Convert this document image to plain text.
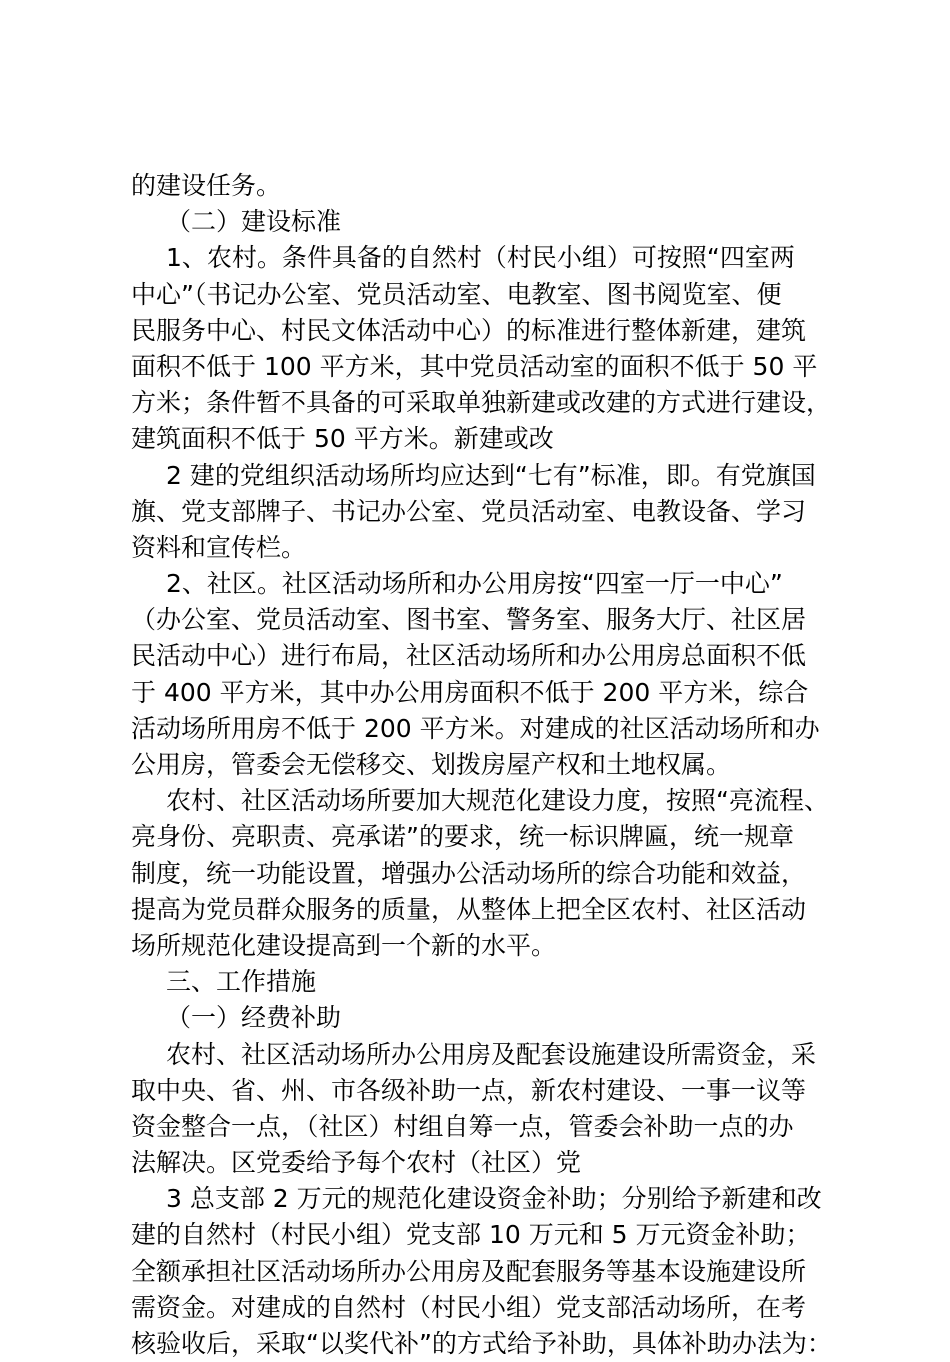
的建设任务。
（二）建设标准
1、农村。条件具备的自然村（村民小组）可按照“四室两
中心”（书记办公室、党员活动室、电教室、图书阅览室、便
民服务中心、村民文体活动中心）的标准进行整体新建，建筑
面积不低于 100 平方米，其中党员活动室的面积不低于 50 平
方米；条件暂不具备的可采取单独新建或改建的方式进行建设，
建筑面积不低于 50 平方米。新建或改
2 建的党组织活动场所均应达到“七有”标准，即。有党旗国
旗、党支部牌子、书记办公室、党员活动室、电教设备、学习
资料和宣传栏。
2、社区。社区活动场所和办公用房按“四室一厅一中心”
（办公室、党员活动室、图书室、警务室、服务大厅、社区居
民活动中心）进行布局，社区活动场所和办公用房总面积不低
于 400 平方米，其中办公用房面积不低于 200 平方米，综合
活动场所用房不低于 200 平方米。对建成的社区活动场所和办
公用房，管委会无偿移交、划拨房屋产权和土地权属。
农村、社区活动场所要加大规范化建设力度，按照“亮流程、
亮身份、亮职责、亮承诺”的要求，统一标识牌匾，统一规章
制度，统一功能设置，增强办公活动场所的综合功能和效益，
提高为党员群众服务的质量，从整体上把全区农村、社区活动
场所规范化建设提高到一个新的水平。
三、工作措施
（一）经费补助
农村、社区活动场所办公用房及配套设施建设所需资金，采
取中央、省、州、市各级补助一点，新农村建设、一事一议等
资金整合一点，（社区）村组自筹一点，管委会补助一点的办
法解决。区党委给予每个农村（社区）党
3 总支部 2 万元的规范化建设资金补助；分别给予新建和改
建的自然村（村民小组）党支部 10 万元和 5 万元资金补助；
全额承担社区活动场所办公用房及配套服务等基本设施建设所
需资金。对建成的自然村（村民小组）党支部活动场所，在考
核验收后，采取“以奖代补”的方式给予补助，具体补助办法为：
